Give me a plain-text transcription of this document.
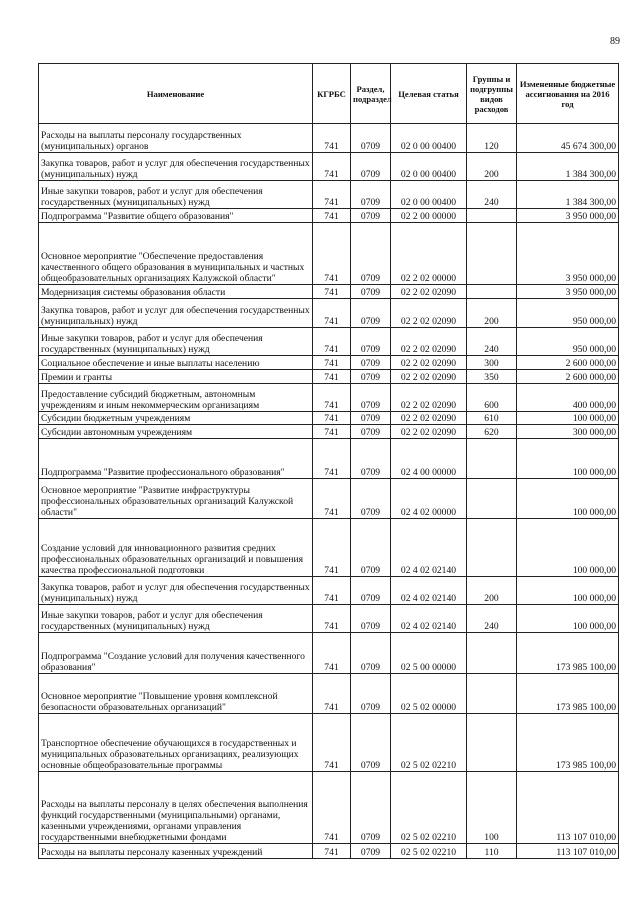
89
Наименование	КГРБС	Раздел, подраздел	Целевая статья	Группы и подгруппы видов расходов	Измененные бюджетные ассигнования на 2016 год
Расходы на выплаты персоналу государственных (муниципальных) органов	741	0709	02 0 00 00400	120	45 674 300,00
Закупка товаров, работ и услуг для обеспечения государственных (муниципальных) нужд	741	0709	02 0 00 00400	200	1 384 300,00
Иные закупки товаров, работ и услуг для обеспечения государственных (муниципальных) нужд	741	0709	02 0 00 00400	240	1 384 300,00
Подпрограмма "Развитие общего образования"	741	0709	02 2 00 00000		3 950 000,00
Основное мероприятие "Обеспечение предоставления качественного общего образования в муниципальных и частных общеобразовательных организациях Калужской области"	741	0709	02 2 02 00000		3 950 000,00
Модернизация системы образования области	741	0709	02 2 02 02090		3 950 000,00
Закупка товаров, работ и услуг для обеспечения государственных (муниципальных) нужд	741	0709	02 2 02 02090	200	950 000,00
Иные закупки товаров, работ и услуг для обеспечения государственных (муниципальных) нужд	741	0709	02 2 02 02090	240	950 000,00
Социальное обеспечение и иные выплаты населению	741	0709	02 2 02 02090	300	2 600 000,00
Премии и гранты	741	0709	02 2 02 02090	350	2 600 000,00
Предоставление субсидий бюджетным, автономным учреждениям и иным некоммерческим организациям	741	0709	02 2 02 02090	600	400 000,00
Субсидии бюджетным учреждениям	741	0709	02 2 02 02090	610	100 000,00
Субсидии автономным учреждениям	741	0709	02 2 02 02090	620	300 000,00
Подпрограмма "Развитие профессионального образования"	741	0709	02 4 00 00000		100 000,00
Основное мероприятие "Развитие инфраструктуры профессиональных образовательных организаций Калужской области"	741	0709	02 4 02 00000		100 000,00
Создание условий для инновационного развития средних профессиональных образовательных организаций и повышения качества профессиональной подготовки	741	0709	02 4 02 02140		100 000,00
Закупка товаров, работ и услуг для обеспечения государственных (муниципальных) нужд	741	0709	02 4 02 02140	200	100 000,00
Иные закупки товаров, работ и услуг для обеспечения государственных (муниципальных) нужд	741	0709	02 4 02 02140	240	100 000,00
Подпрограмма "Создание условий для получения качественного образования"	741	0709	02 5 00 00000		173 985 100,00
Основное мероприятие "Повышение уровня комплексной безопасности образовательных организаций"	741	0709	02 5 02 00000		173 985 100,00
Транспортное обеспечение обучающихся в государственных и муниципальных образовательных организациях, реализующих основные общеобразовательные программы	741	0709	02 5 02 02210		173 985 100,00
Расходы на выплаты персоналу в целях обеспечения выполнения функций государственными (муниципальными) органами, казенными учреждениями, органами управления государственными внебюджетными фондами	741	0709	02 5 02 02210	100	113 107 010,00
Расходы на выплаты персоналу казенных учреждений	741	0709	02 5 02 02210	110	113 107 010,00
